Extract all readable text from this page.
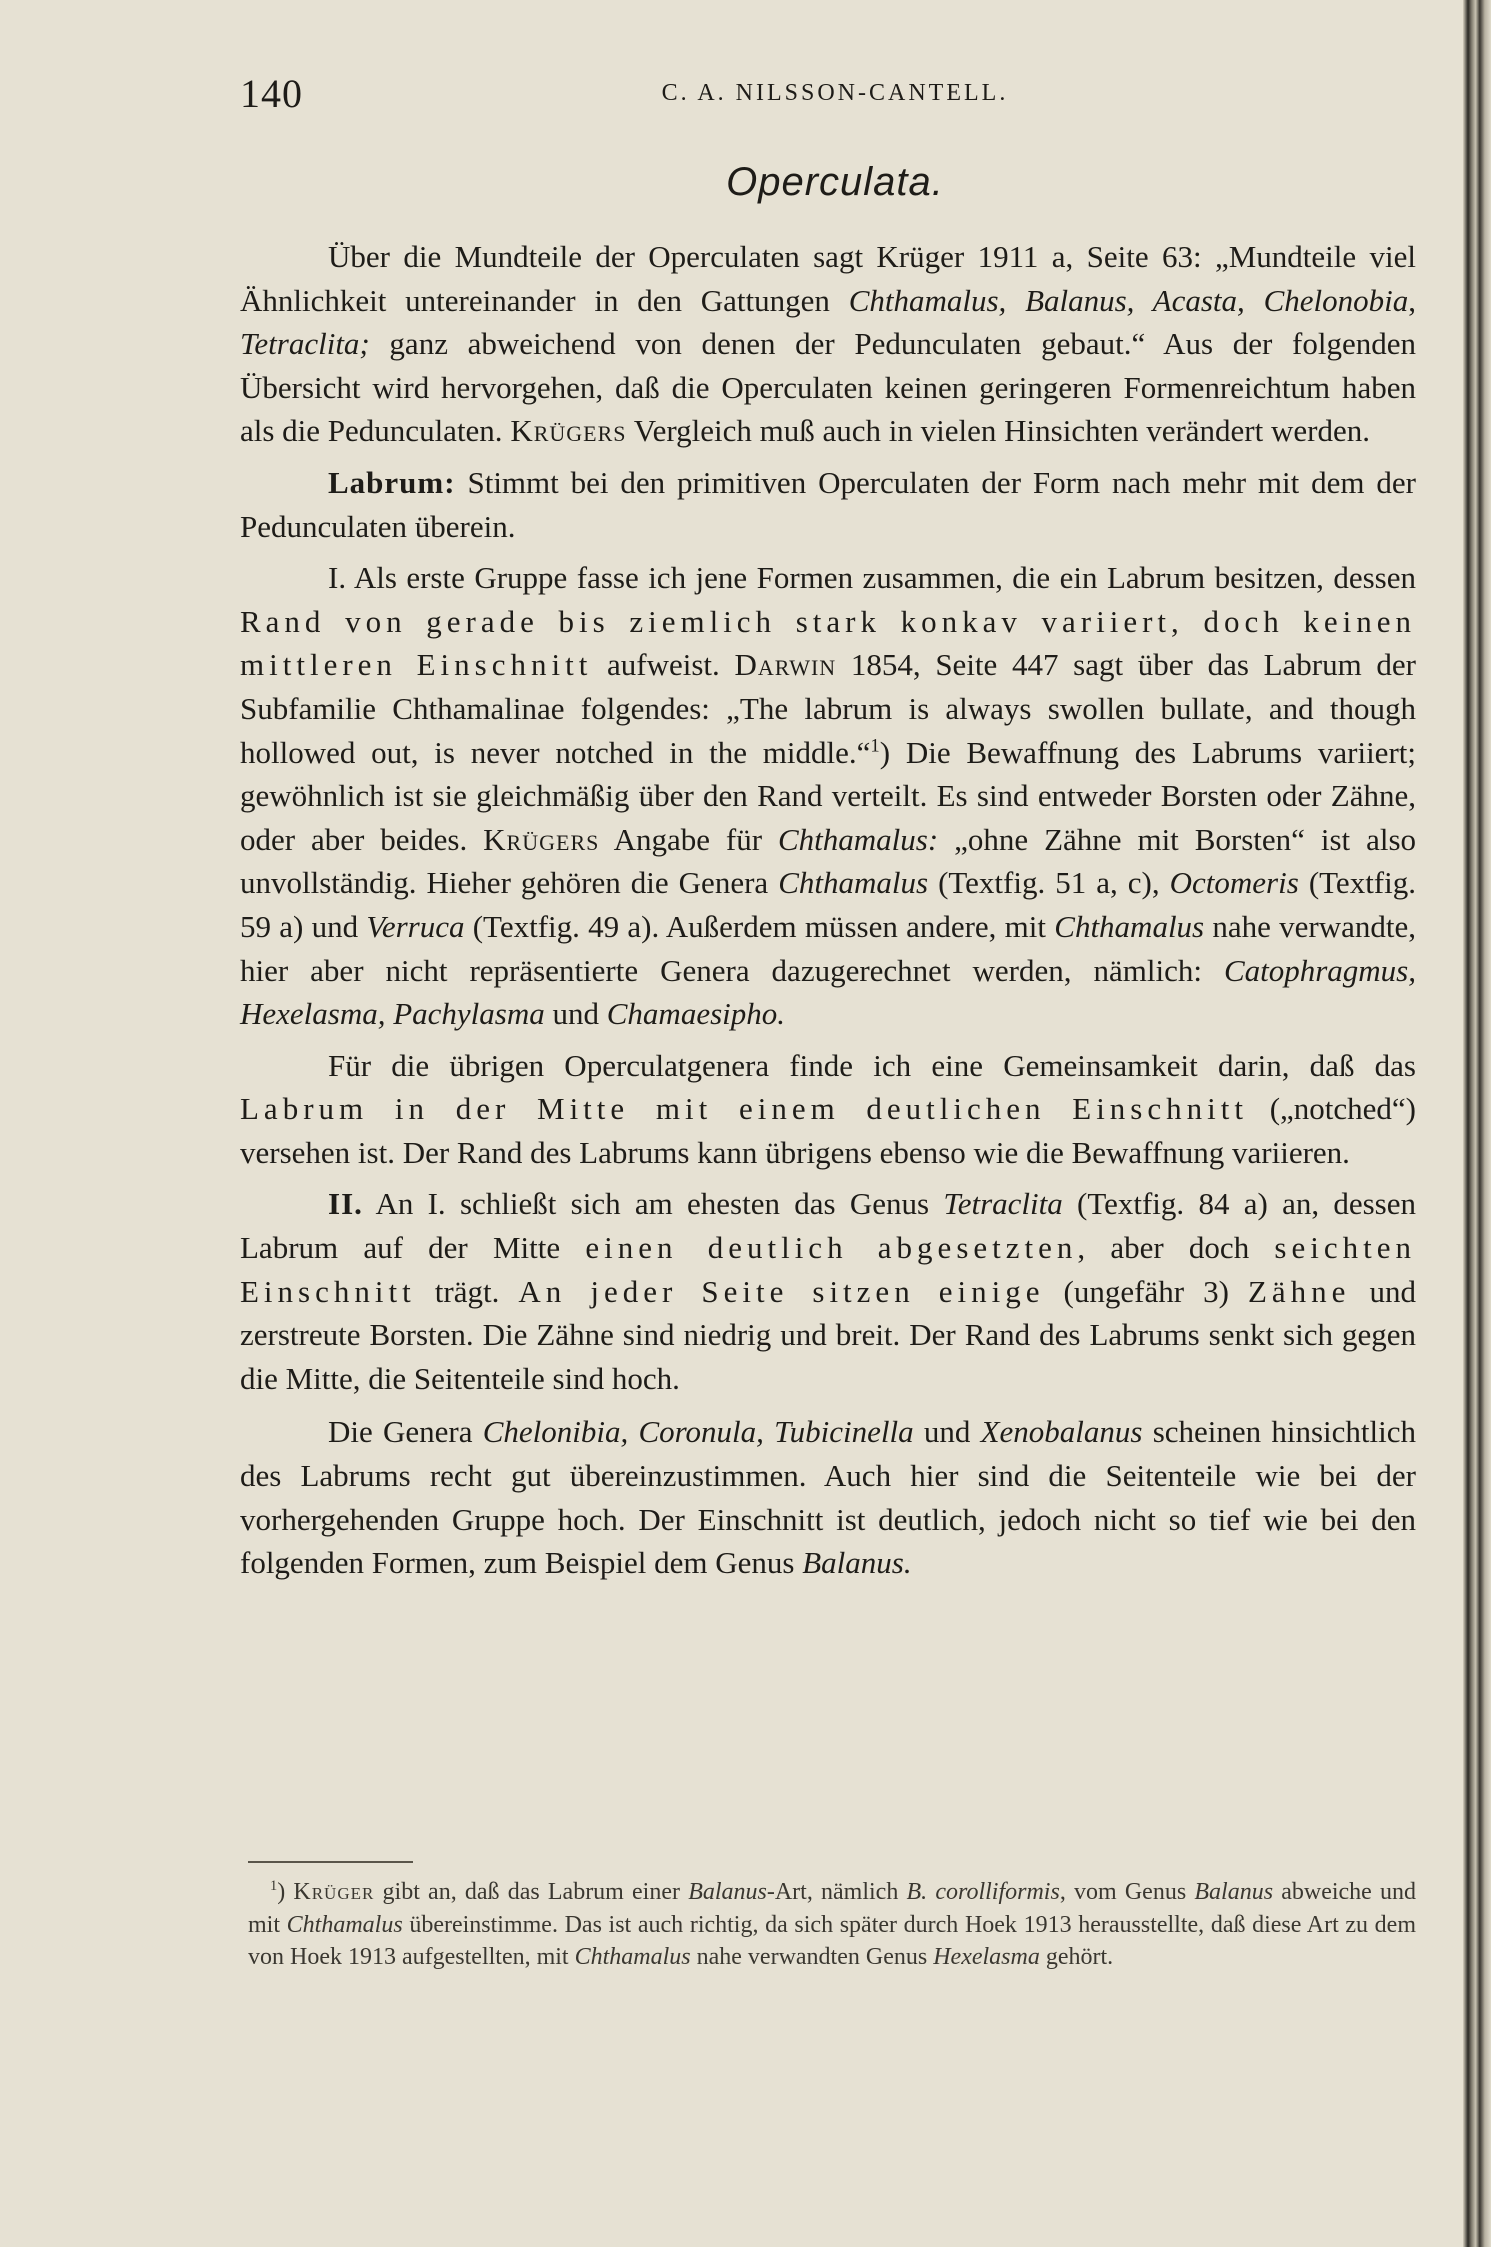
140	C. A. NILSSON-CANTELL.
Operculata.

Über die Mundteile der Operculaten sagt Krüger 1911 a, Seite 63: „Mundteile viel Ähnlichkeit untereinander in den Gattungen Chthamalus, Balanus, Acasta, Chelonobia, Tetraclita; ganz abweichend von denen der Pedunculaten gebaut.“ Aus der folgenden Übersicht wird hervorgehen, daß die Operculaten keinen geringeren Formenreichtum haben als die Pedunculaten. Krügers Vergleich muß auch in vielen Hinsichten verändert werden.

Labrum: Stimmt bei den primitiven Operculaten der Form nach mehr mit dem der Pedunculaten überein.

I. Als erste Gruppe fasse ich jene Formen zusammen, die ein Labrum besitzen, dessen Rand von gerade bis ziemlich stark konkav variiert, doch keinen mittleren Einschnitt aufweist. Darwin 1854, Seite 447 sagt über das Labrum der Subfamilie Chthamalinae folgendes: „The labrum is always swollen bullate, and though hollowed out, is never notched in the middle.“$^1$) Die Bewaffnung des Labrums variiert; gewöhnlich ist sie gleichmäßig über den Rand verteilt. Es sind entweder Borsten oder Zähne, oder aber beides. Krügers Angabe für Chthamalus: „ohne Zähne mit Borsten“ ist also unvollständig. Hieher gehören die Genera Chthamalus (Textfig. 51 a, c), Octomeris (Textfig. 59 a) und Verruca (Textfig. 49 a). Außerdem müssen andere, mit Chthamalus nahe verwandte, hier aber nicht repräsentierte Genera dazugerechnet werden, nämlich: Catophragmus, Hexelasma, Pachylasma und Chamaesipho.

Für die übrigen Operculatgenera finde ich eine Gemeinsamkeit darin, daß das Labrum in der Mitte mit einem deutlichen Einschnitt („notched“) versehen ist. Der Rand des Labrums kann übrigens ebenso wie die Bewaffnung variieren.

II. An I. schließt sich am ehesten das Genus Tetraclita (Textfig. 84 a) an, dessen Labrum auf der Mitte einen deutlich abgesetzten, aber doch seichten Einschnitt trägt. An jeder Seite sitzen einige (ungefähr 3) Zähne und zerstreute Borsten. Die Zähne sind niedrig und breit. Der Rand des Labrums senkt sich gegen die Mitte, die Seitenteile sind hoch.

Die Genera Chelonibia, Coronula, Tubicinella und Xenobalanus scheinen hinsichtlich des Labrums recht gut übereinzustimmen. Auch hier sind die Seitenteile wie bei der vorhergehenden Gruppe hoch. Der Einschnitt ist deutlich, jedoch nicht so tief wie bei den folgenden Formen, zum Beispiel dem Genus Balanus.

$^1$) Krüger gibt an, daß das Labrum einer Balanus-Art, nämlich B. corolliformis, vom Genus Balanus abweiche und mit Chthamalus übereinstimme. Das ist auch richtig, da sich später durch Hoek 1913 herausstellte, daß diese Art zu dem von Hoek 1913 aufgestellten, mit Chthamalus nahe verwandten Genus Hexelasma gehört.
